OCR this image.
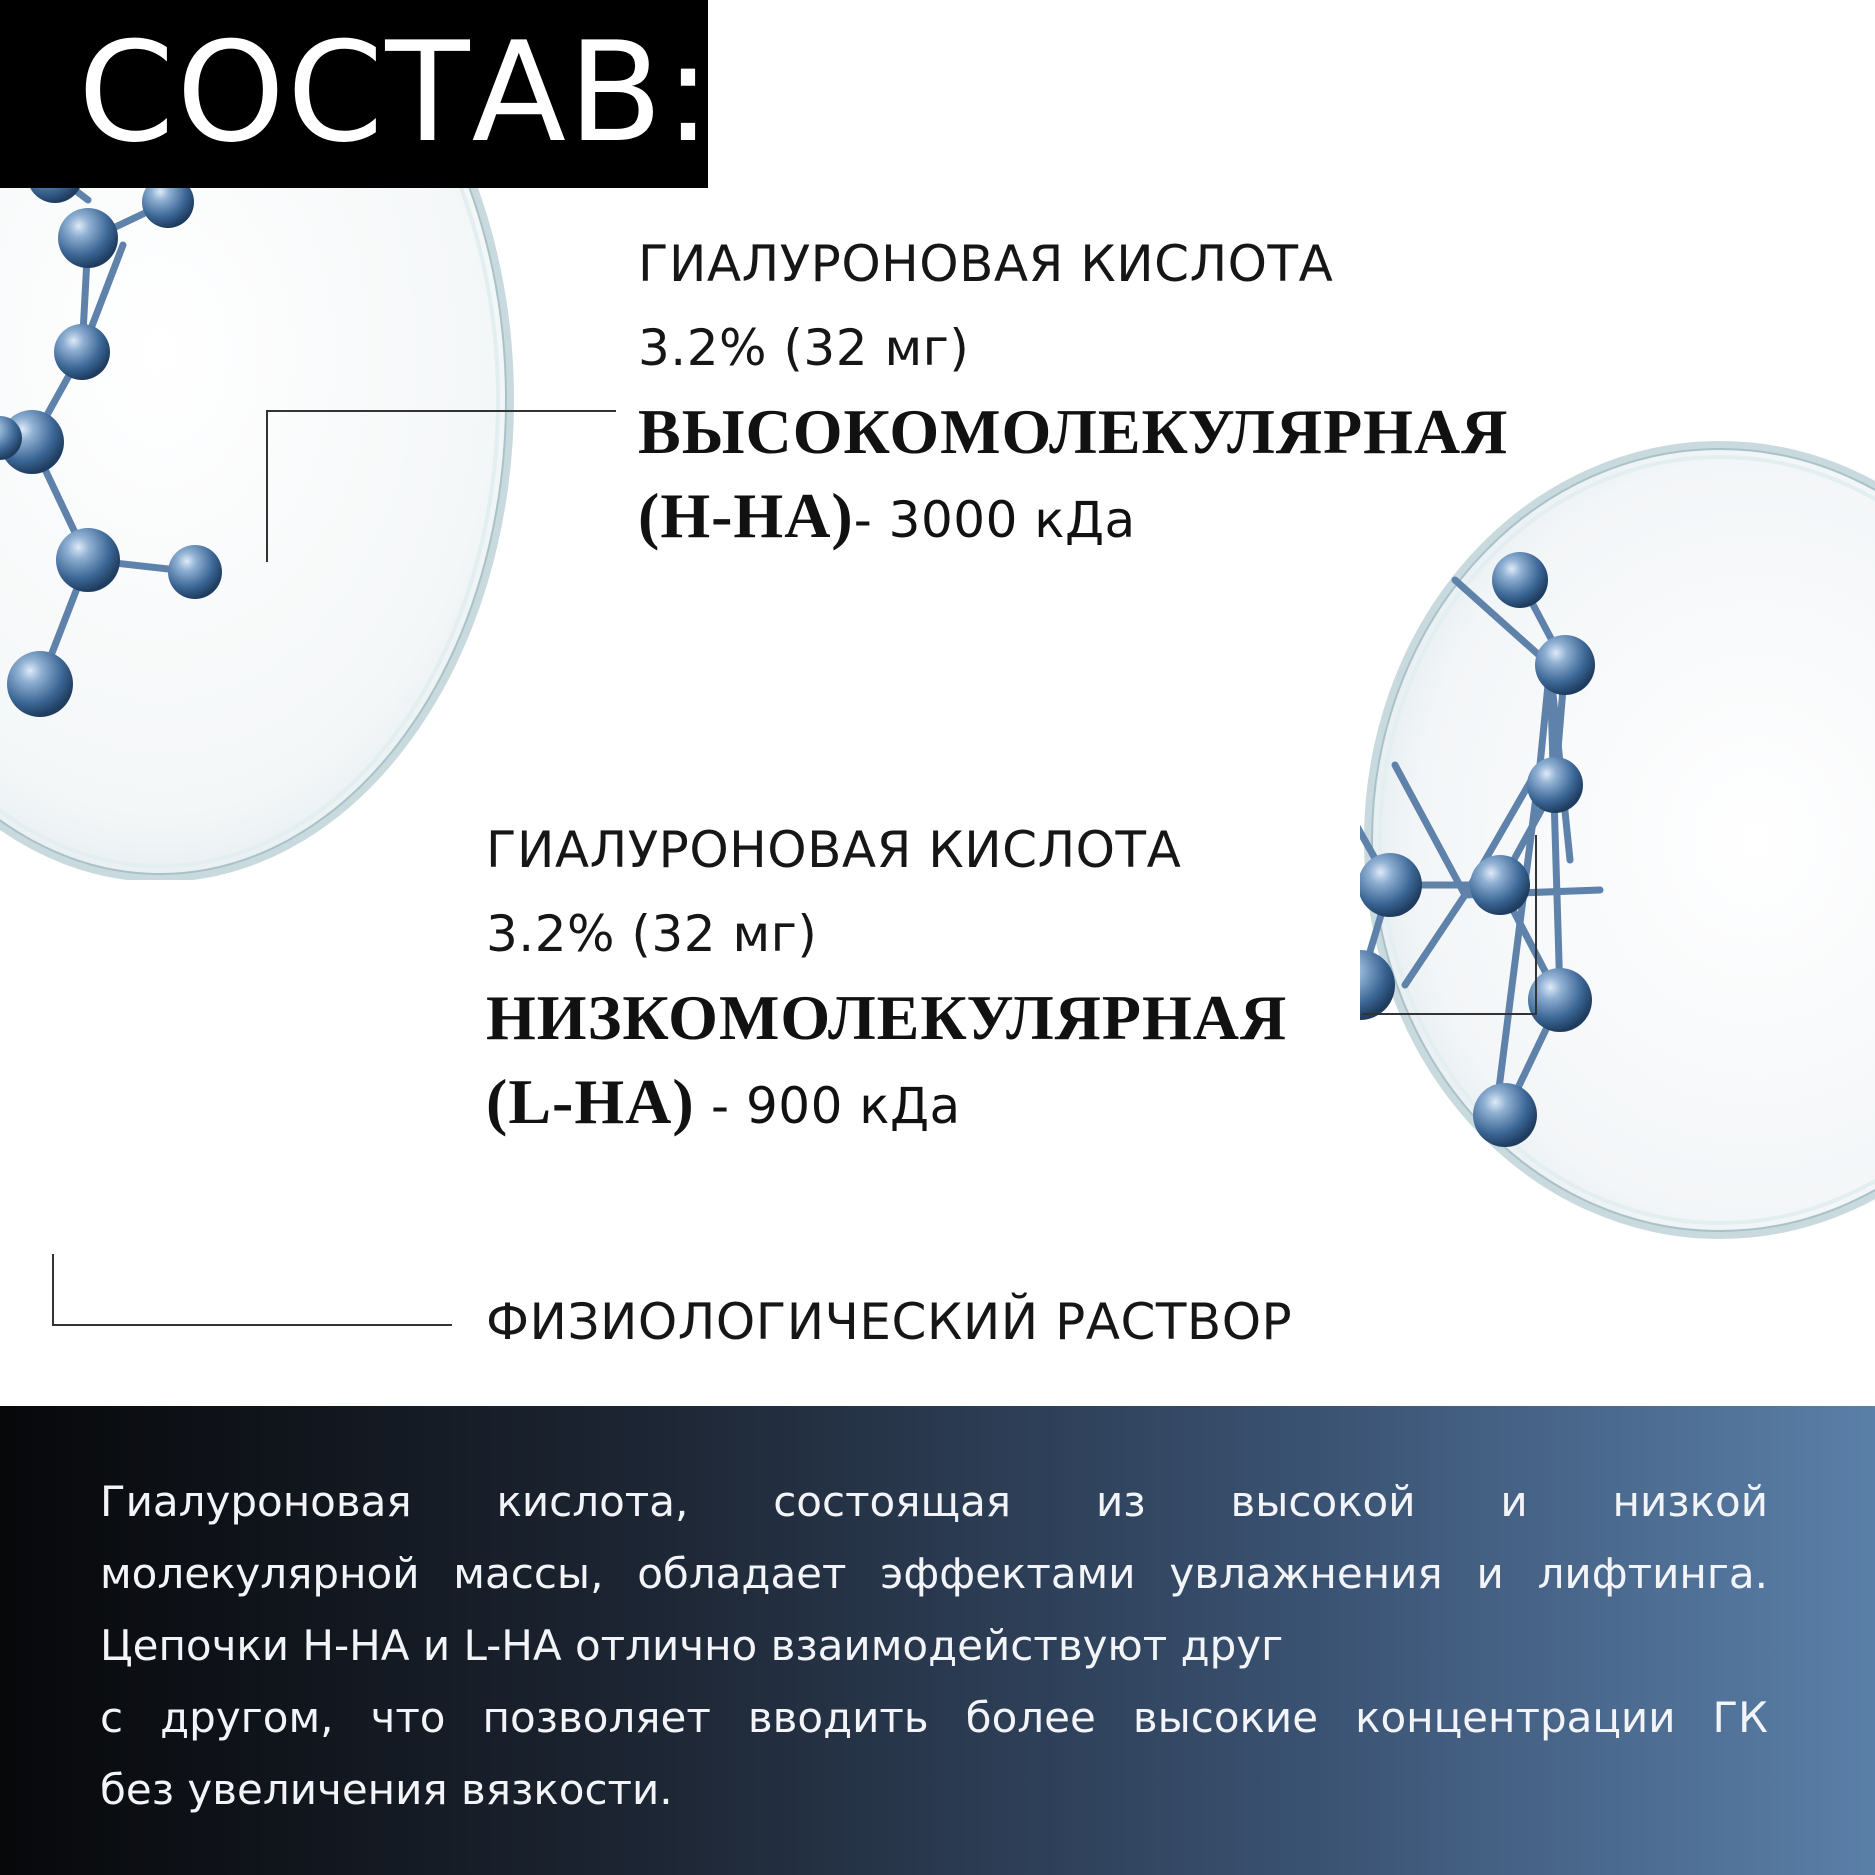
СОСТАВ:
ГИАЛУРОНОВАЯ КИСЛОТА
3.2% (32 мг)
ВЫСОКОМОЛЕКУЛЯРНАЯ
(H-HA)- 3000 кДа
ГИАЛУРОНОВАЯ КИСЛОТА
3.2% (32 мг)
НИЗКОМОЛЕКУЛЯРНАЯ
(L-HA) - 900 кДа
ФИЗИОЛОГИЧЕСКИЙ РАСТВОР

Гиалуроновая кислота, состоящая из высокой и низкой

молекулярной массы, обладает эффектами увлажнения и лифтинга.

Цепочки H-HA и L-HA отлично взаимодействуют друг

с другом, что позволяет вводить более высокие концентрации ГК

без увеличения вязкости.
